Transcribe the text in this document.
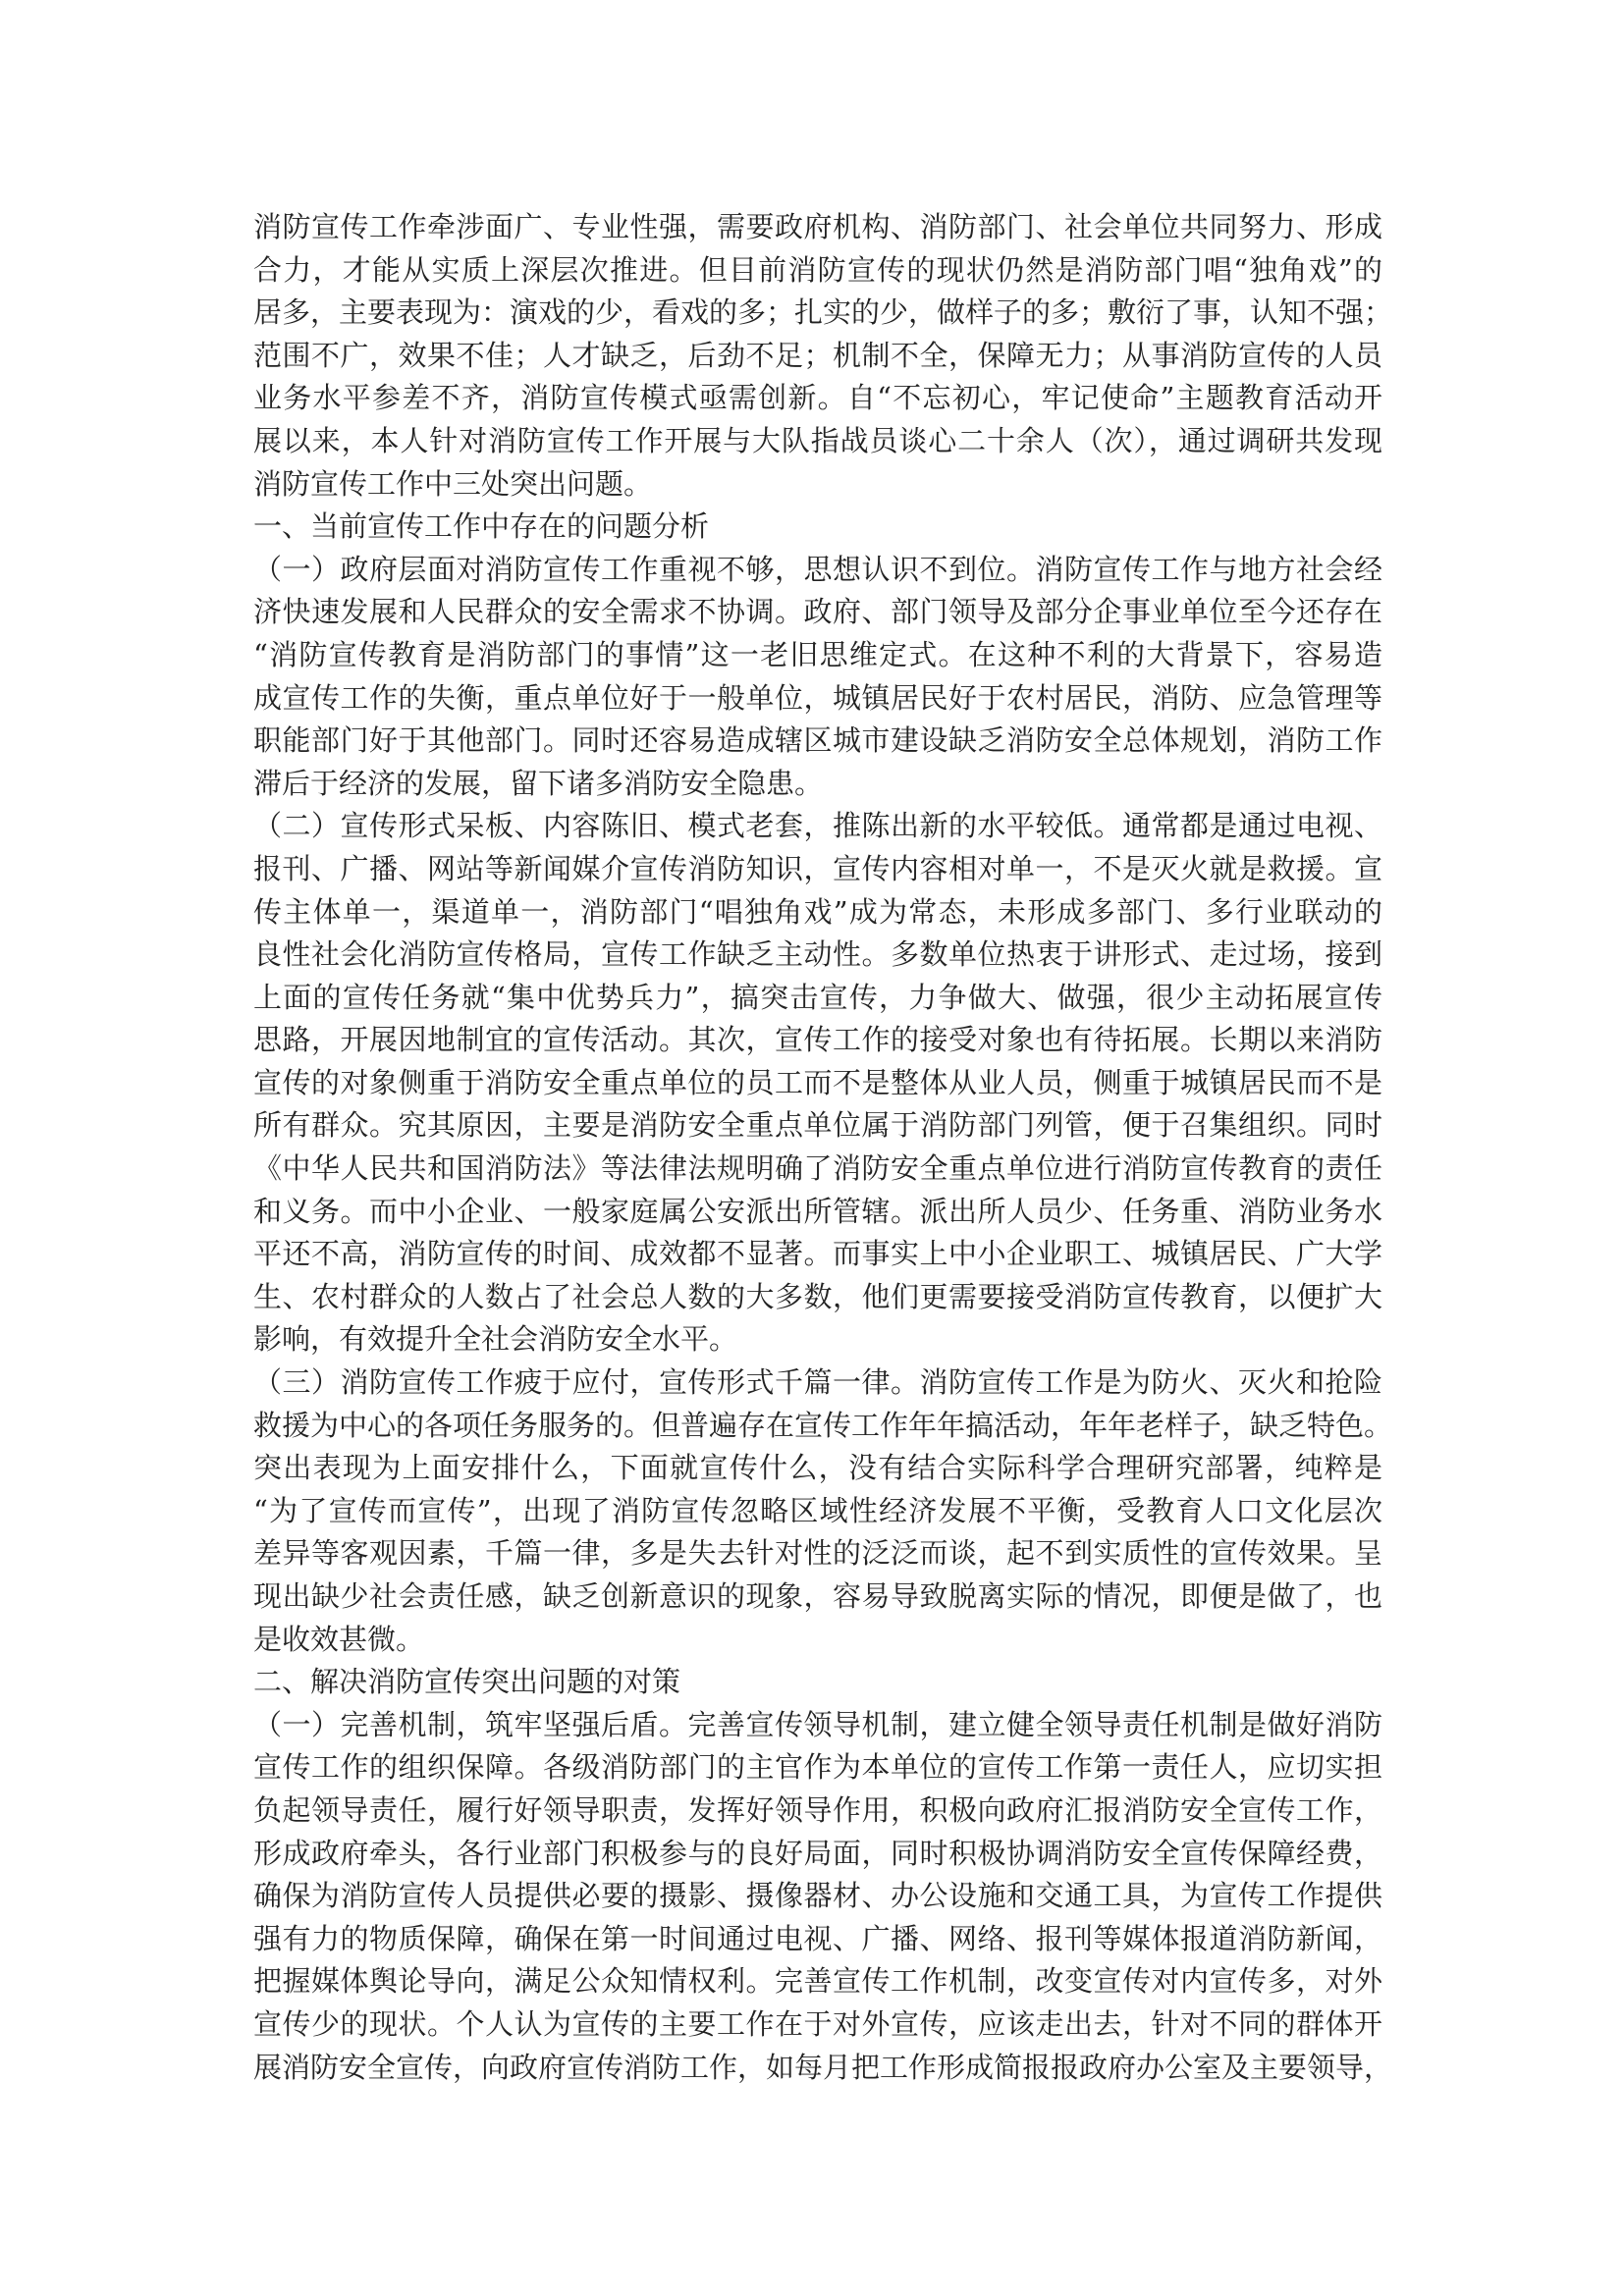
消防宣传工作牵涉面广、专业性强，需要政府机构、消防部门、社会单位共同努力、形成
合力，才能从实质上深层次推进。但目前消防宣传的现状仍然是消防部门唱“独角戏”的
居多，主要表现为：演戏的少，看戏的多；扎实的少，做样子的多；敷衍了事，认知不强；
范围不广，效果不佳；人才缺乏，后劲不足；机制不全，保障无力；从事消防宣传的人员
业务水平参差不齐，消防宣传模式亟需创新。自“不忘初心，牢记使命”主题教育活动开
展以来，本人针对消防宣传工作开展与大队指战员谈心二十余人（次），通过调研共发现
消防宣传工作中三处突出问题。
一、当前宣传工作中存在的问题分析
（一）政府层面对消防宣传工作重视不够，思想认识不到位。消防宣传工作与地方社会经
济快速发展和人民群众的安全需求不协调。政府、部门领导及部分企事业单位至今还存在
“消防宣传教育是消防部门的事情”这一老旧思维定式。在这种不利的大背景下，容易造
成宣传工作的失衡，重点单位好于一般单位，城镇居民好于农村居民，消防、应急管理等
职能部门好于其他部门。同时还容易造成辖区城市建设缺乏消防安全总体规划，消防工作
滞后于经济的发展，留下诸多消防安全隐患。
（二）宣传形式呆板、内容陈旧、模式老套，推陈出新的水平较低。通常都是通过电视、
报刊、广播、网站等新闻媒介宣传消防知识，宣传内容相对单一，不是灭火就是救援。宣
传主体单一，渠道单一，消防部门“唱独角戏”成为常态，未形成多部门、多行业联动的
良性社会化消防宣传格局，宣传工作缺乏主动性。多数单位热衷于讲形式、走过场，接到
上面的宣传任务就“集中优势兵力”，搞突击宣传，力争做大、做强，很少主动拓展宣传
思路，开展因地制宜的宣传活动。其次，宣传工作的接受对象也有待拓展。长期以来消防
宣传的对象侧重于消防安全重点单位的员工而不是整体从业人员，侧重于城镇居民而不是
所有群众。究其原因，主要是消防安全重点单位属于消防部门列管，便于召集组织。同时
《中华人民共和国消防法》等法律法规明确了消防安全重点单位进行消防宣传教育的责任
和义务。而中小企业、一般家庭属公安派出所管辖。派出所人员少、任务重、消防业务水
平还不高，消防宣传的时间、成效都不显著。而事实上中小企业职工、城镇居民、广大学
生、农村群众的人数占了社会总人数的大多数，他们更需要接受消防宣传教育，以便扩大
影响，有效提升全社会消防安全水平。
（三）消防宣传工作疲于应付，宣传形式千篇一律。消防宣传工作是为防火、灭火和抢险
救援为中心的各项任务服务的。但普遍存在宣传工作年年搞活动，年年老样子，缺乏特色。
突出表现为上面安排什么，下面就宣传什么，没有结合实际科学合理研究部署，纯粹是
“为了宣传而宣传”，出现了消防宣传忽略区域性经济发展不平衡，受教育人口文化层次
差异等客观因素，千篇一律，多是失去针对性的泛泛而谈，起不到实质性的宣传效果。呈
现出缺少社会责任感，缺乏创新意识的现象，容易导致脱离实际的情况，即便是做了，也
是收效甚微。
二、解决消防宣传突出问题的对策
（一）完善机制，筑牢坚强后盾。完善宣传领导机制，建立健全领导责任机制是做好消防
宣传工作的组织保障。各级消防部门的主官作为本单位的宣传工作第一责任人，应切实担
负起领导责任，履行好领导职责，发挥好领导作用，积极向政府汇报消防安全宣传工作，
形成政府牵头，各行业部门积极参与的良好局面，同时积极协调消防安全宣传保障经费，
确保为消防宣传人员提供必要的摄影、摄像器材、办公设施和交通工具，为宣传工作提供
强有力的物质保障，确保在第一时间通过电视、广播、网络、报刊等媒体报道消防新闻，
把握媒体舆论导向，满足公众知情权利。完善宣传工作机制，改变宣传对内宣传多，对外
宣传少的现状。个人认为宣传的主要工作在于对外宣传，应该走出去，针对不同的群体开
展消防安全宣传，向政府宣传消防工作，如每月把工作形成简报报政府办公室及主要领导，
